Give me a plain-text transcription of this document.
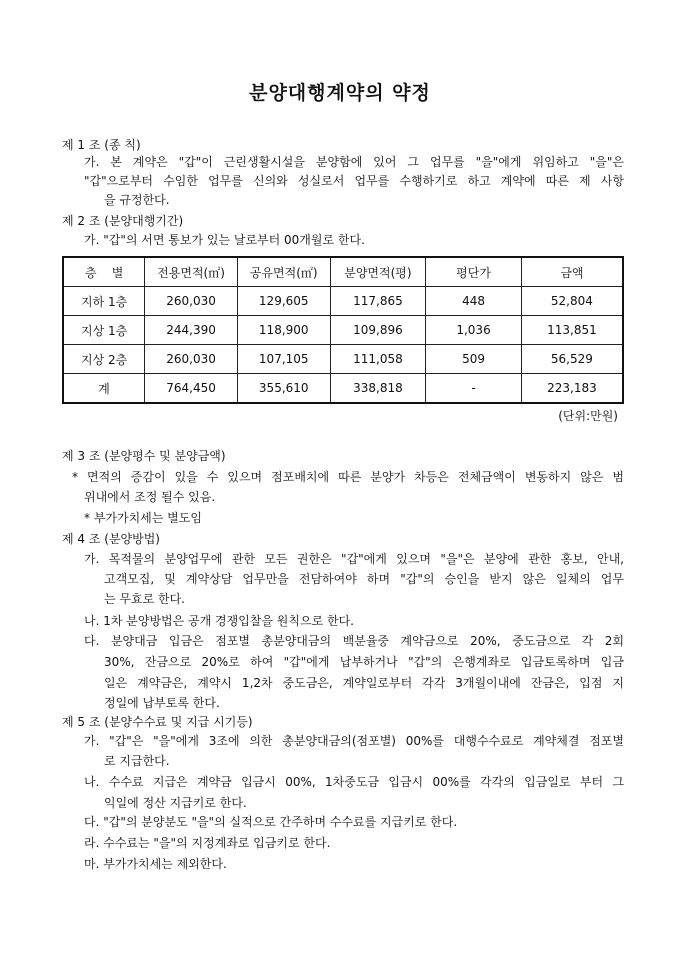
분양대행계약의 약정
제 1 조 (종 칙)
가. 본 계약은 "갑"이 근린생활시설을 분양함에 있어 그 업무를 "을"에게 위임하고 "을"은
"갑"으로부터 수임한 업무를 신의와 성실로서 업무를 수행하기로 하고 계약에 따른 제 사항
을 규정한다.
제 2 조 (분양대행기간)
가. "갑"의 서면 통보가 있는 날로부터 00개월로 한다.
층    별	전용면적(㎡)	공유면적(㎡)	분양면적(평)	평단가	금액
지하 1층	260,030	129,605	117,865	448	52,804
지상 1층	244,390	118,900	109,896	1,036	113,851
지상 2층	260,030	107,105	111,058	509	56,529
계	764,450	355,610	338,818	-	223,183
(단위:만원)
제 3 조 (분양평수 및 분양금액)
* 면적의 증감이 있을 수 있으며 점포배치에 따른 분양가 차등은 전체금액이 변동하지 않은 범
위내에서 조정 될수 있음.
* 부가가치세는 별도임
제 4 조 (분양방법)
가. 목적물의 분양업무에 관한 모든 권한은 "갑"에게 있으며 "을"은 분양에 관한 홍보, 안내,
고객모집, 및 계약상담 업무만을 전담하여야 하며 "갑"의 승인을 받지 않은 일체의 업무
는 무효로 한다.
나. 1차 분양방법은 공개 경쟁입찰을 원칙으로 한다.
다. 분양대금 입금은 점포별 총분양대금의 백분율중 계약금으로 20%, 중도금으로 각 2회
30%, 잔금으로 20%로 하여 "갑"에게 납부하거나 "갑"의 은행계좌로 입금토록하며 입금
일은 계약금은, 계약시 1,2차 중도금은, 계약일로부터 각각 3개월이내에 잔금은, 입점 지
정일에 납부토록 한다.
제 5 조 (분양수수료 및 지급 시기등)
가. "갑"은 "을"에게 3조에 의한 총분양대금의(점포별) 00%를 대행수수료로 계약체결 점포별
로 지급한다.
나. 수수료 지급은 계약금 입금시 00%, 1차중도금 입금시 00%를 각각의 입금일로 부터 그
익일에 정산 지급키로 한다.
다. "갑"의 분양분도 "을"의 실적으로 간주하며 수수료를 지급키로 한다.
라. 수수료는 "을"의 지정계좌로 입금키로 한다.
마. 부가가치세는 제외한다.
